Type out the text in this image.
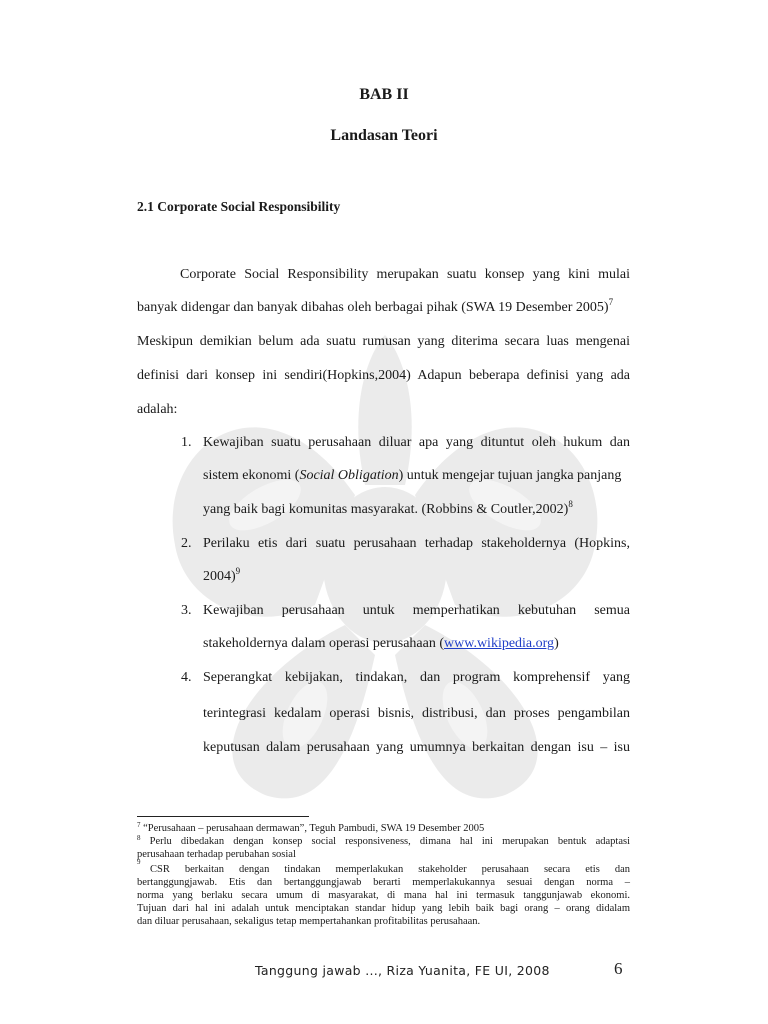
BAB II
Landasan Teori
2.1 Corporate Social Responsibility
Corporate Social Responsibility merupakan suatu konsep yang kini mulai
banyak didengar dan banyak dibahas oleh berbagai pihak (SWA 19 Desember 2005)$^7$
Meskipun demikian belum ada suatu rumusan yang diterima secara luas mengenai
definisi dari konsep ini sendiri(Hopkins,2004) Adapun beberapa definisi yang ada
adalah:
1. Kewajiban suatu perusahaan diluar apa yang dituntut oleh hukum dan
sistem ekonomi (Social Obligation) untuk mengejar tujuan jangka panjang
yang baik bagi komunitas masyarakat. (Robbins & Coutler,2002)$^8$
2. Perilaku etis dari suatu perusahaan terhadap stakeholdernya (Hopkins,
2004)$^9$
3. Kewajiban perusahaan untuk memperhatikan kebutuhan semua
stakeholdernya dalam operasi perusahaan (www.wikipedia.org)
4. Seperangkat kebijakan, tindakan, dan program komprehensif yang
terintegrasi kedalam operasi bisnis, distribusi, dan proses pengambilan
keputusan dalam perusahaan yang umumnya berkaitan dengan isu – isu
$^7$ “Perusahaan – perusahaan dermawan”, Teguh Pambudi, SWA 19 Desember 2005
$^8$ Perlu dibedakan dengan konsep social responsiveness, dimana hal ini merupakan bentuk adaptasi
perusahaan terhadap perubahan sosial
$^9$
CSR berkaitan dengan tindakan memperlakukan stakeholder perusahaan secara etis dan
bertanggungjawab. Etis dan bertanggungjawab berarti memperlakukannya sesuai dengan norma –
norma yang berlaku secara umum di masyarakat, di mana hal ini termasuk tanggunjawab ekonomi.
Tujuan dari hal ini adalah untuk menciptakan standar hidup yang lebih baik bagi orang – orang didalam
dan diluar perusahaan, sekaligus tetap mempertahankan profitabilitas perusahaan.
Tanggung jawab ..., Riza Yuanita, FE UI, 2008	6
